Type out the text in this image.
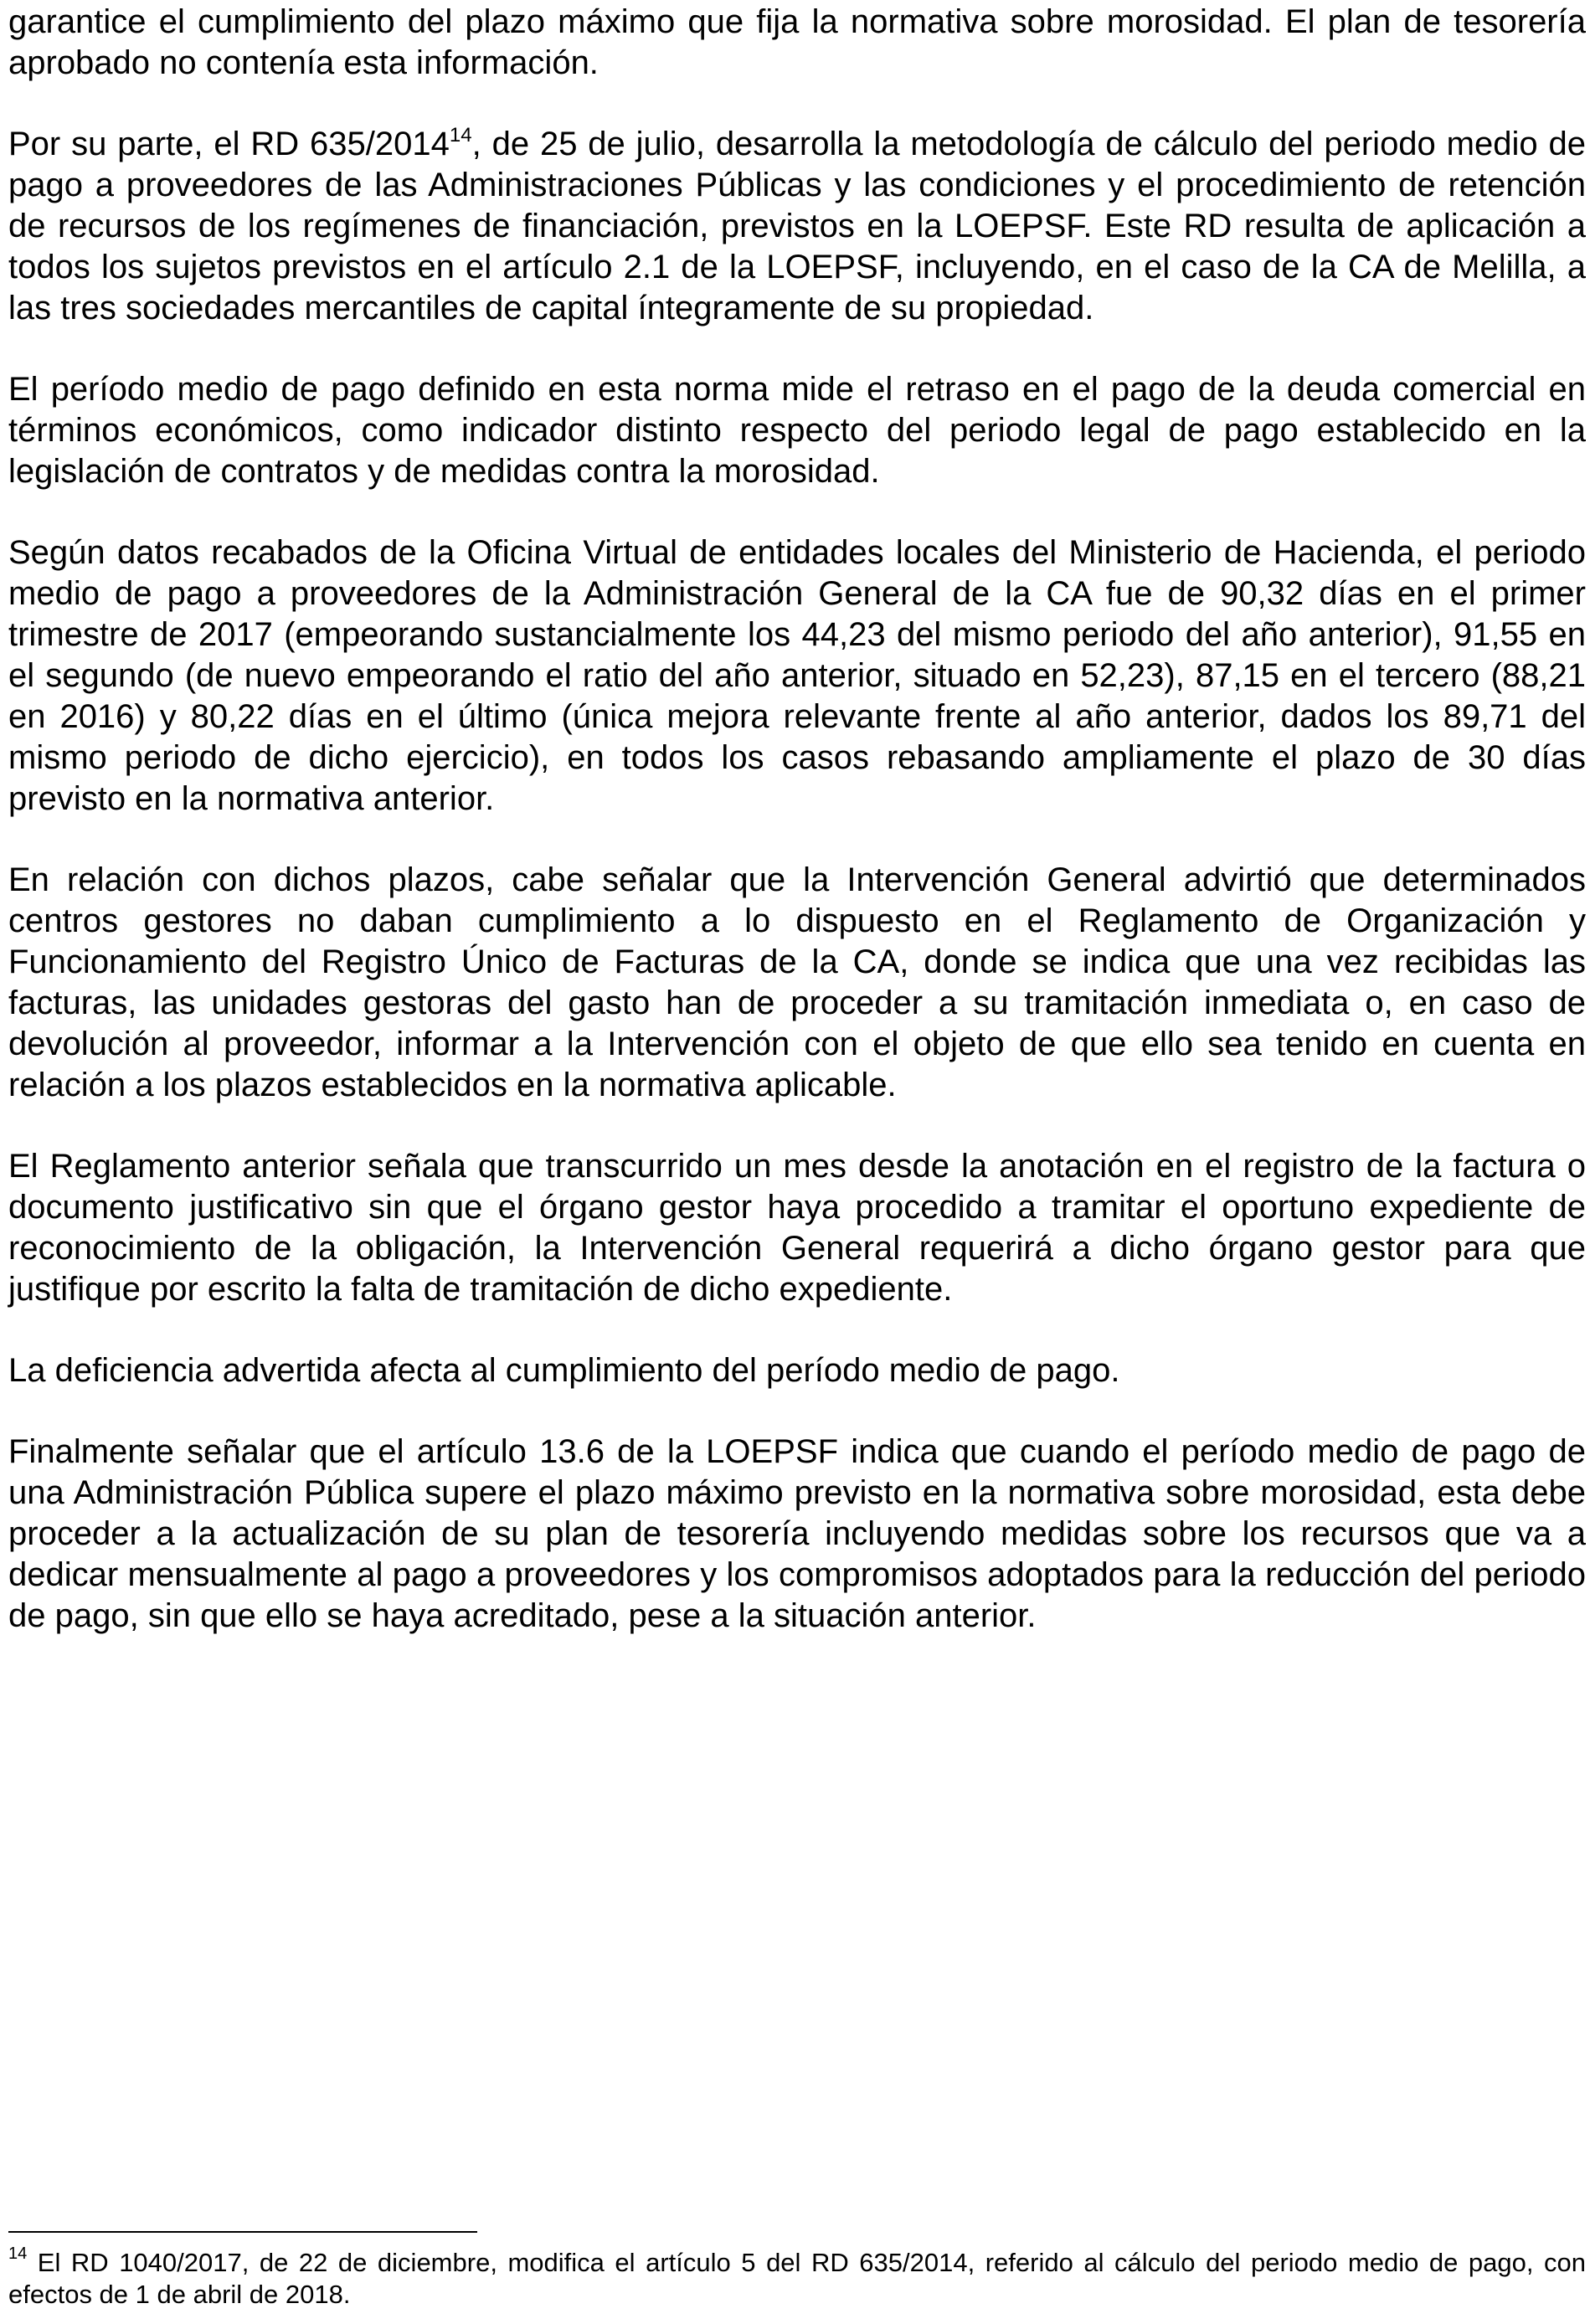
garantice el cumplimiento del plazo máximo que fija la normativa sobre morosidad. El plan de tesorería aprobado no contenía esta información.

Por su parte, el RD 635/2014$^{14}$, de 25 de julio, desarrolla la metodología de cálculo del periodo medio de pago a proveedores de las Administraciones Públicas y las condiciones y el procedimiento de retención de recursos de los regímenes de financiación, previstos en la LOEPSF. Este RD resulta de aplicación a todos los sujetos previstos en el artículo 2.1 de la LOEPSF, incluyendo, en el caso de la CA de Melilla, a las tres sociedades mercantiles de capital íntegramente de su propiedad.

El período medio de pago definido en esta norma mide el retraso en el pago de la deuda comercial en términos económicos, como indicador distinto respecto del periodo legal de pago establecido en la legislación de contratos y de medidas contra la morosidad.

Según datos recabados de la Oficina Virtual de entidades locales del Ministerio de Hacienda, el periodo medio de pago a proveedores de la Administración General de la CA fue de 90,32 días en el primer trimestre de 2017 (empeorando sustancialmente los 44,23 del mismo periodo del año anterior), 91,55 en el segundo (de nuevo empeorando el ratio del año anterior, situado en 52,23), 87,15 en el tercero (88,21 en 2016) y 80,22 días en el último (única mejora relevante frente al año anterior, dados los 89,71 del mismo periodo de dicho ejercicio), en todos los casos rebasando ampliamente el plazo de 30 días previsto en la normativa anterior.

En relación con dichos plazos, cabe señalar que la Intervención General advirtió que determinados centros gestores no daban cumplimiento a lo dispuesto en el Reglamento de Organización y Funcionamiento del Registro Único de Facturas de la CA, donde se indica que una vez recibidas las facturas, las unidades gestoras del gasto han de proceder a su tramitación inmediata o, en caso de devolución al proveedor, informar a la Intervención con el objeto de que ello sea tenido en cuenta en relación a los plazos establecidos en la normativa aplicable.

El Reglamento anterior señala que transcurrido un mes desde la anotación en el registro de la factura o documento justificativo sin que el órgano gestor haya procedido a tramitar el oportuno expediente de reconocimiento de la obligación, la Intervención General requerirá a dicho órgano gestor para que justifique por escrito la falta de tramitación de dicho expediente.

La deficiencia advertida afecta al cumplimiento del período medio de pago.

Finalmente señalar que el artículo 13.6 de la LOEPSF indica que cuando el período medio de pago de una Administración Pública supere el plazo máximo previsto en la normativa sobre morosidad, esta debe proceder a la actualización de su plan de tesorería incluyendo medidas sobre los recursos que va a dedicar mensualmente al pago a proveedores y los compromisos adoptados para la reducción del periodo de pago, sin que ello se haya acreditado, pese a la situación anterior.

$^{14}$ El RD 1040/2017, de 22 de diciembre, modifica el artículo 5 del RD 635/2014, referido al cálculo del periodo medio de pago, con efectos de 1 de abril de 2018.
